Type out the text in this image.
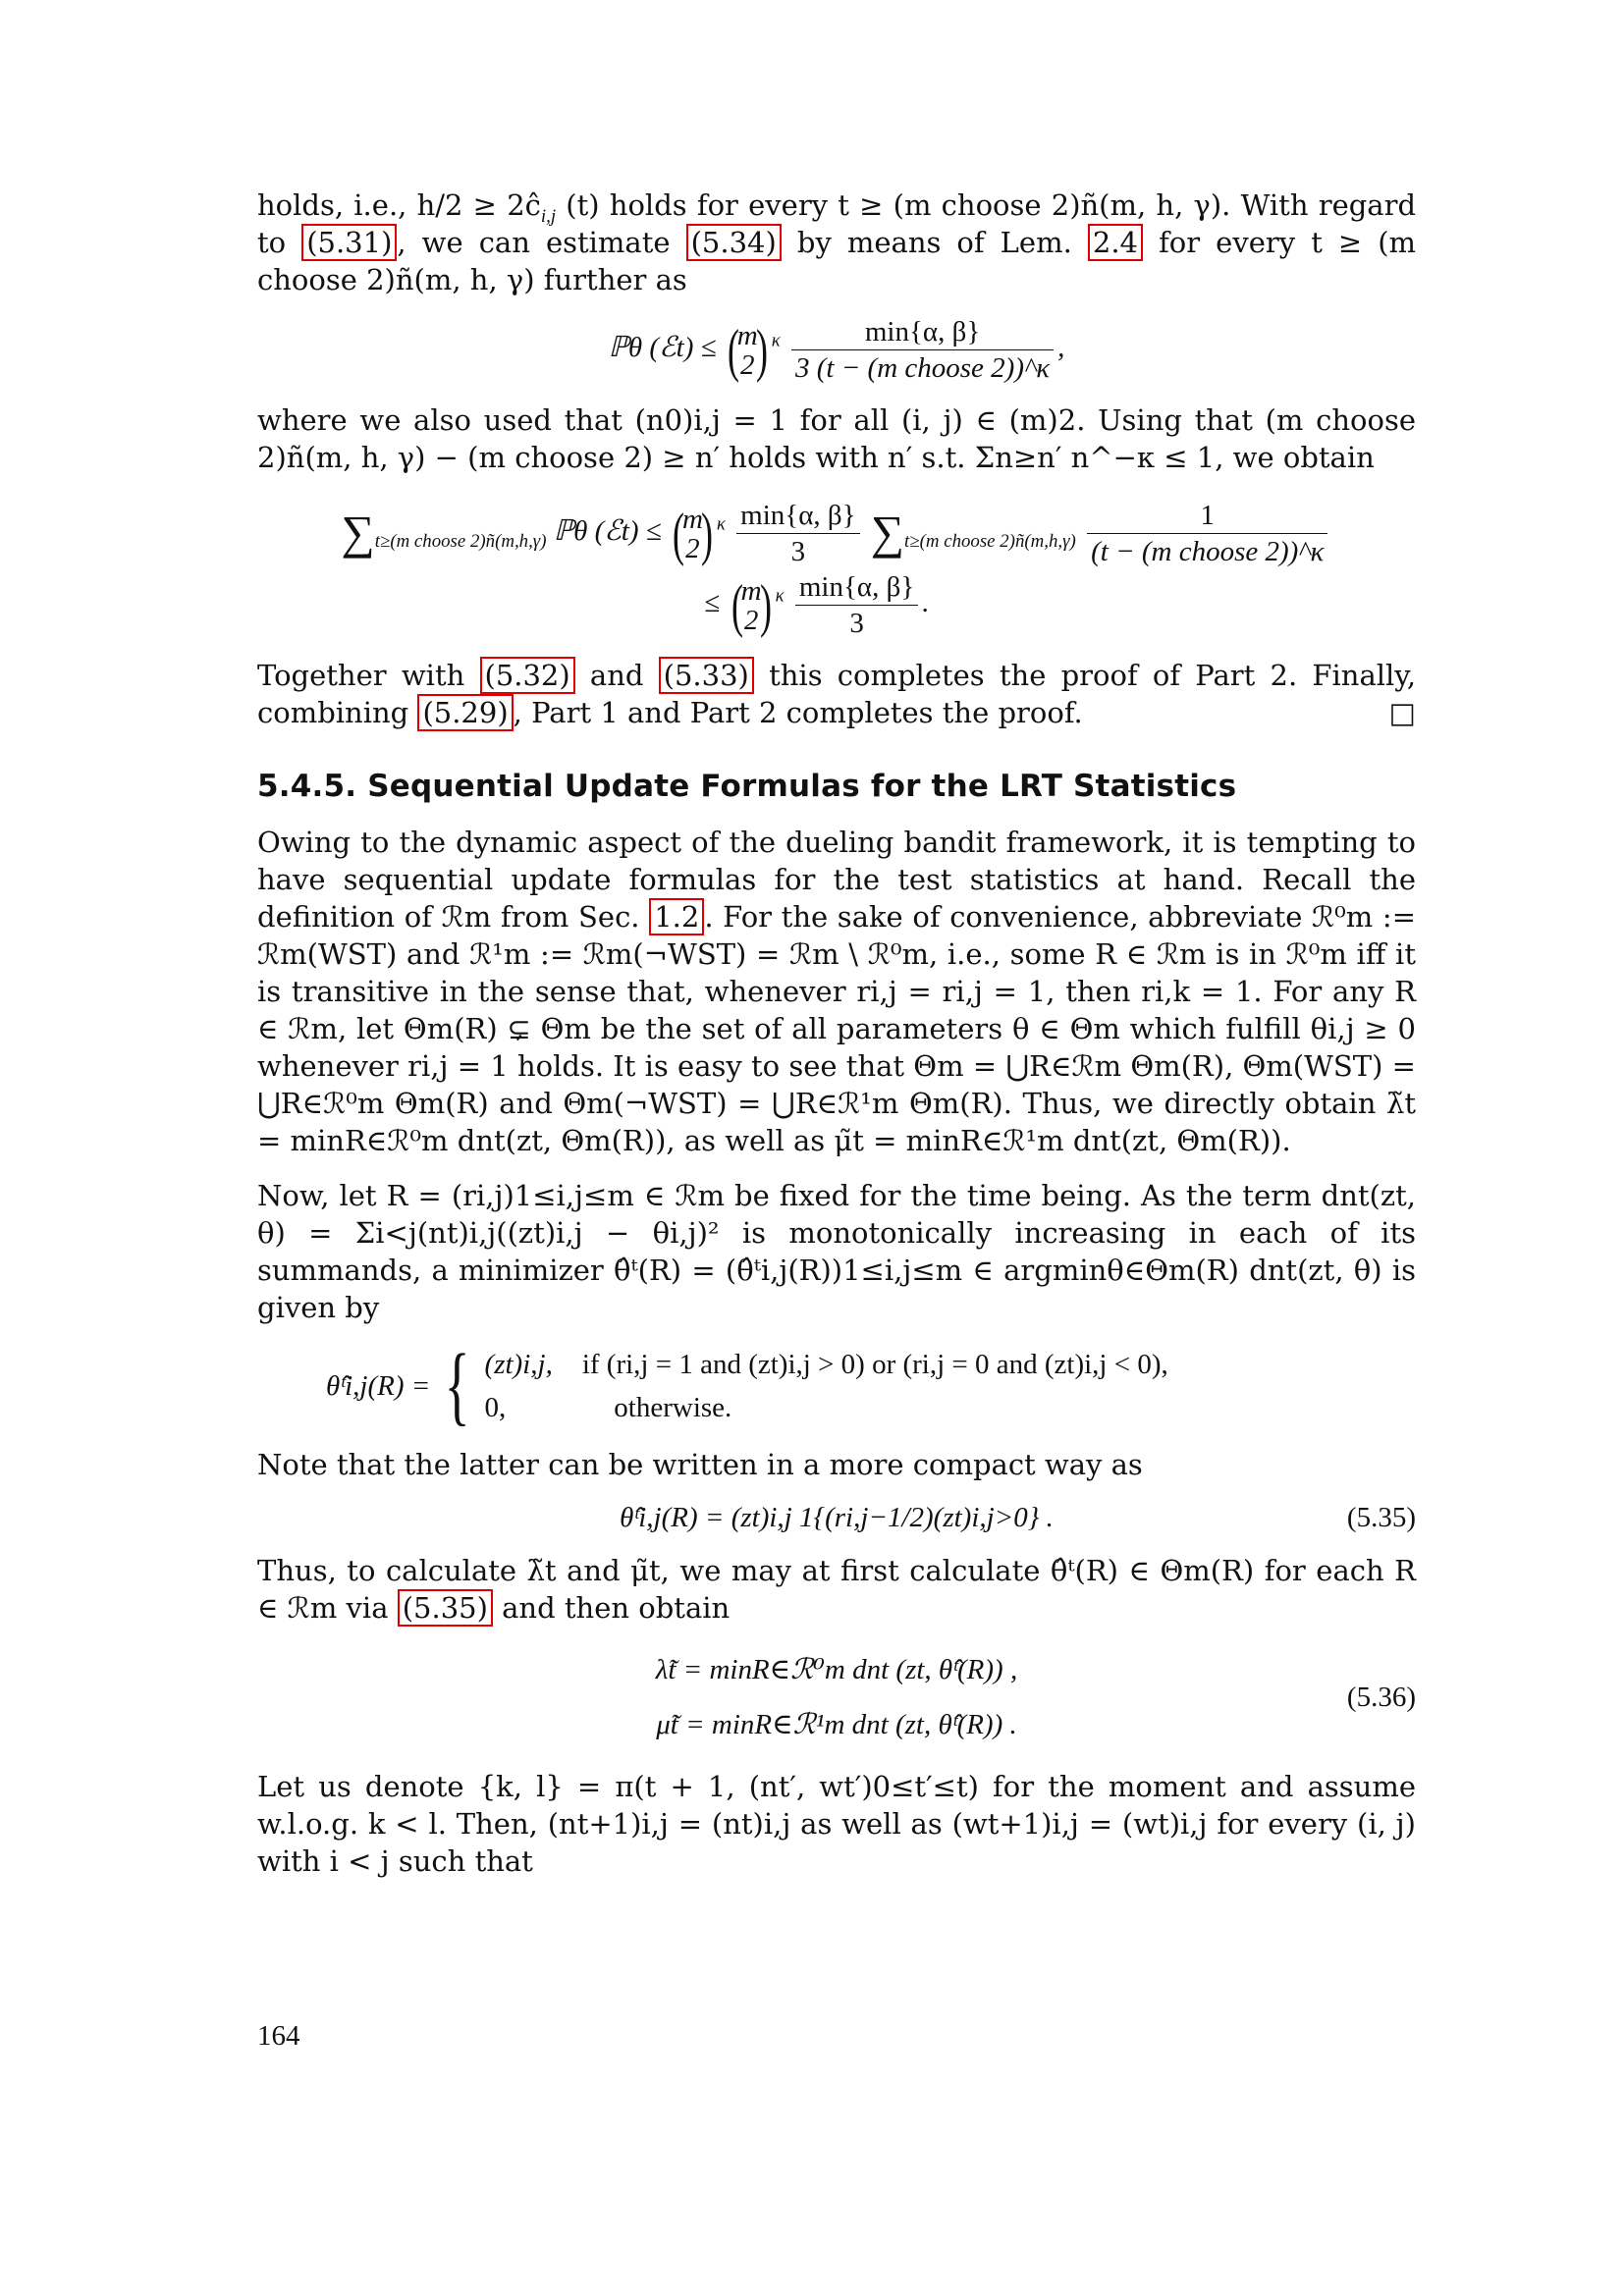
holds, i.e., $h/2 \ge 2ĉ_{i,j}$ (t) holds for every t ≥ (m choose 2)ñ(m, h, γ). With regard to (5.31) , we can estimate (5.34) by means of Lem. 2.4 for every t ≥ (m choose 2)ñ(m, h, γ) further as

ℙθ (ℰt) ≤ (m
2) $^\kappa \frac{\min\{\alpha, \beta\}}{\text{3 (t − (m choose 2))\textasciicircum{}κ}}$ ,

where we also used that (n0)i,j = 1 for all (i, j) ∈ (m)2. Using that (m choose 2)ñ(m, h, γ) − (m choose 2) ≥ n′ holds with n′ s.t. Σn≥n′ n^−κ ≤ 1, we obtain

$\sum_{t\ge(m choose 2)ñ(m,h,\gamma)}$ ℙθ (ℰt) ≤ (m
2) $^\kappa \frac{\min\{\alpha, \beta\}}{3} \sum_{t\ge(m choose 2)ñ(m,h,\gamma)} \frac{1}{\text{(t − (m choose 2))\textasciicircum{}κ}}$
≤ (m
2) $^\kappa \frac{\min\{\alpha, \beta\}}{3}$ .

Together with (5.32) and (5.33) this completes the proof of Part 2. Finally, combining (5.29) , Part 1 and Part 2 completes the proof.	□

5.4.5. Sequential Update Formulas for the LRT Statistics

Owing to the dynamic aspect of the dueling bandit framework, it is tempting to have sequential update formulas for the test statistics at hand. Recall the definition of ℛm from Sec. 1.2 . For the sake of convenience, abbreviate ℛ⁰m := ℛm(WST) and ℛ¹m := ℛm(¬WST) = ℛm \ ℛ⁰m, i.e., some R ∈ ℛm is in ℛ⁰m iff it is transitive in the sense that, whenever ri,j = ri,j = 1, then ri,k = 1. For any R ∈ ℛm, let Θm(R) ⊊ Θm be the set of all parameters θ ∈ Θm which fulfill θi,j ≥ 0 whenever ri,j = 1 holds. It is easy to see that Θm = ⋃R∈ℛm Θm(R), Θm(WST) = ⋃R∈ℛ⁰m Θm(R) and Θm(¬WST) = ⋃R∈ℛ¹m Θm(R). Thus, we directly obtain λ̃t = minR∈ℛ⁰m dnt(zt, Θm(R)), as well as μ̃t = minR∈ℛ¹m dnt(zt, Θm(R)).

Now, let R = (ri,j)1≤i,j≤m ∈ ℛm be fixed for the time being. As the term dnt(zt, θ) = Σi<j(nt)i,j((zt)i,j − θi,j)² is monotonically increasing in each of its summands, a minimizer θ̂ᵗ(R) = (θ̂ᵗi,j(R))1≤i,j≤m ∈ argminθ∈Θm(R) dnt(zt, θ) is given by

θ̂ᵗi,j(R) = { (zt)i,j, if (ri,j = 1 and (zt)i,j > 0) or (ri,j = 0 and (zt)i,j < 0),
0,	otherwise.

Note that the latter can be written in a more compact way as

θ̂ᵗi,j(R) = (zt)i,j 1{(ri,j−1/2)(zt)i,j>0} .	(5.35)

Thus, to calculate λ̃t and μ̃t, we may at first calculate θ̂ᵗ(R) ∈ Θm(R) for each R ∈ ℛm via (5.35) and then obtain

λ̃t = minR∈ℛ⁰m dnt (zt, θ̂ᵗ(R)) ,
μ̃t = minR∈ℛ¹m dnt (zt, θ̂ᵗ(R)) .
(5.36)

Let us denote {k, l} = π(t + 1, (nt′, wt′)0≤t′≤t) for the moment and assume w.l.o.g. k < l. Then, (nt+1)i,j = (nt)i,j as well as (wt+1)i,j = (wt)i,j for every (i, j) with i < j such that

164
